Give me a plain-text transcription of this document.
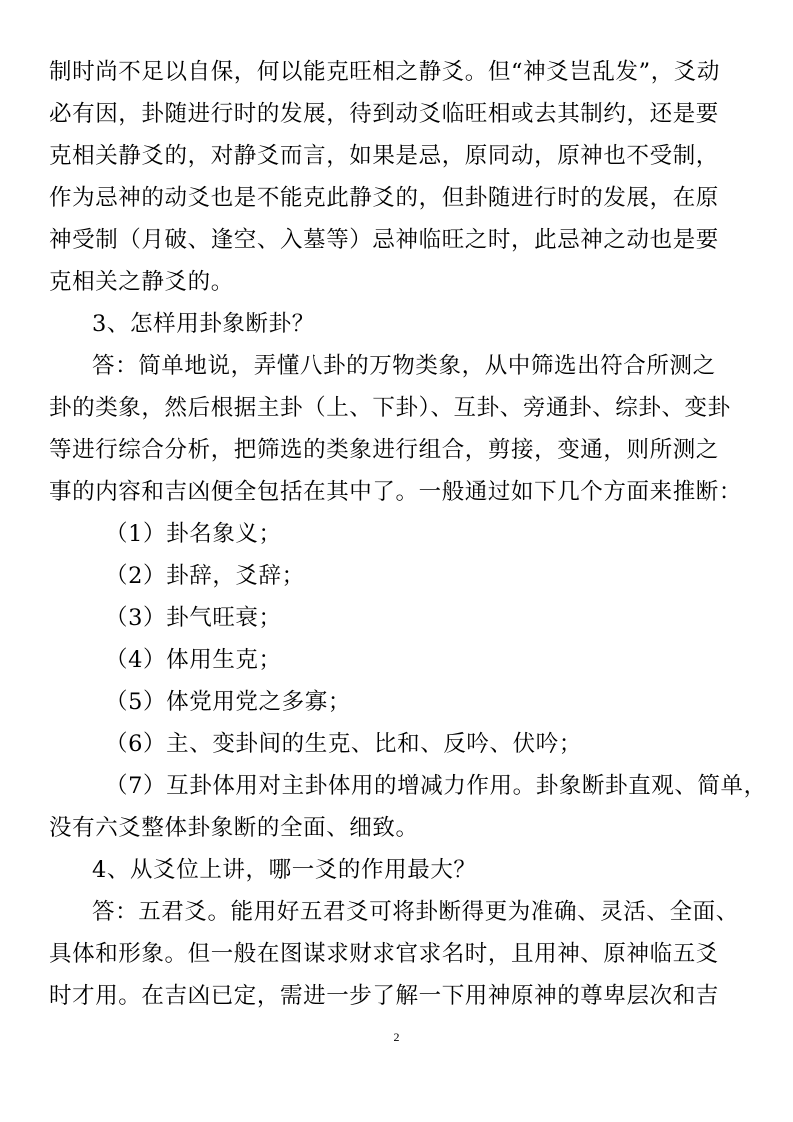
制时尚不足以自保，何以能克旺相之静爻。但“神爻岂乱发”，爻动
必有因，卦随进行时的发展，待到动爻临旺相或去其制约，还是要
克相关静爻的，对静爻而言，如果是忌，原同动，原神也不受制，
作为忌神的动爻也是不能克此静爻的，但卦随进行时的发展，在原
神受制（月破、逢空、入墓等）忌神临旺之时，此忌神之动也是要
克相关之静爻的。
3、怎样用卦象断卦？
答：简单地说，弄懂八卦的万物类象，从中筛选出符合所测之
卦的类象，然后根据主卦（上、下卦）、互卦、旁通卦、综卦、变卦
等进行综合分析，把筛选的类象进行组合，剪接，变通，则所测之
事的内容和吉凶便全包括在其中了。一般通过如下几个方面来推断：
（1）卦名象义；
（2）卦辞，爻辞；
（3）卦气旺衰；
（4）体用生克；
（5）体党用党之多寡；
（6）主、变卦间的生克、比和、反吟、伏吟；
（7）互卦体用对主卦体用的增减力作用。卦象断卦直观、简单，
没有六爻整体卦象断的全面、细致。
4、从爻位上讲，哪一爻的作用最大？
答：五君爻。能用好五君爻可将卦断得更为准确、灵活、全面、
具体和形象。但一般在图谋求财求官求名时，且用神、原神临五爻
时才用。在吉凶已定，需进一步了解一下用神原神的尊卑层次和吉
2
